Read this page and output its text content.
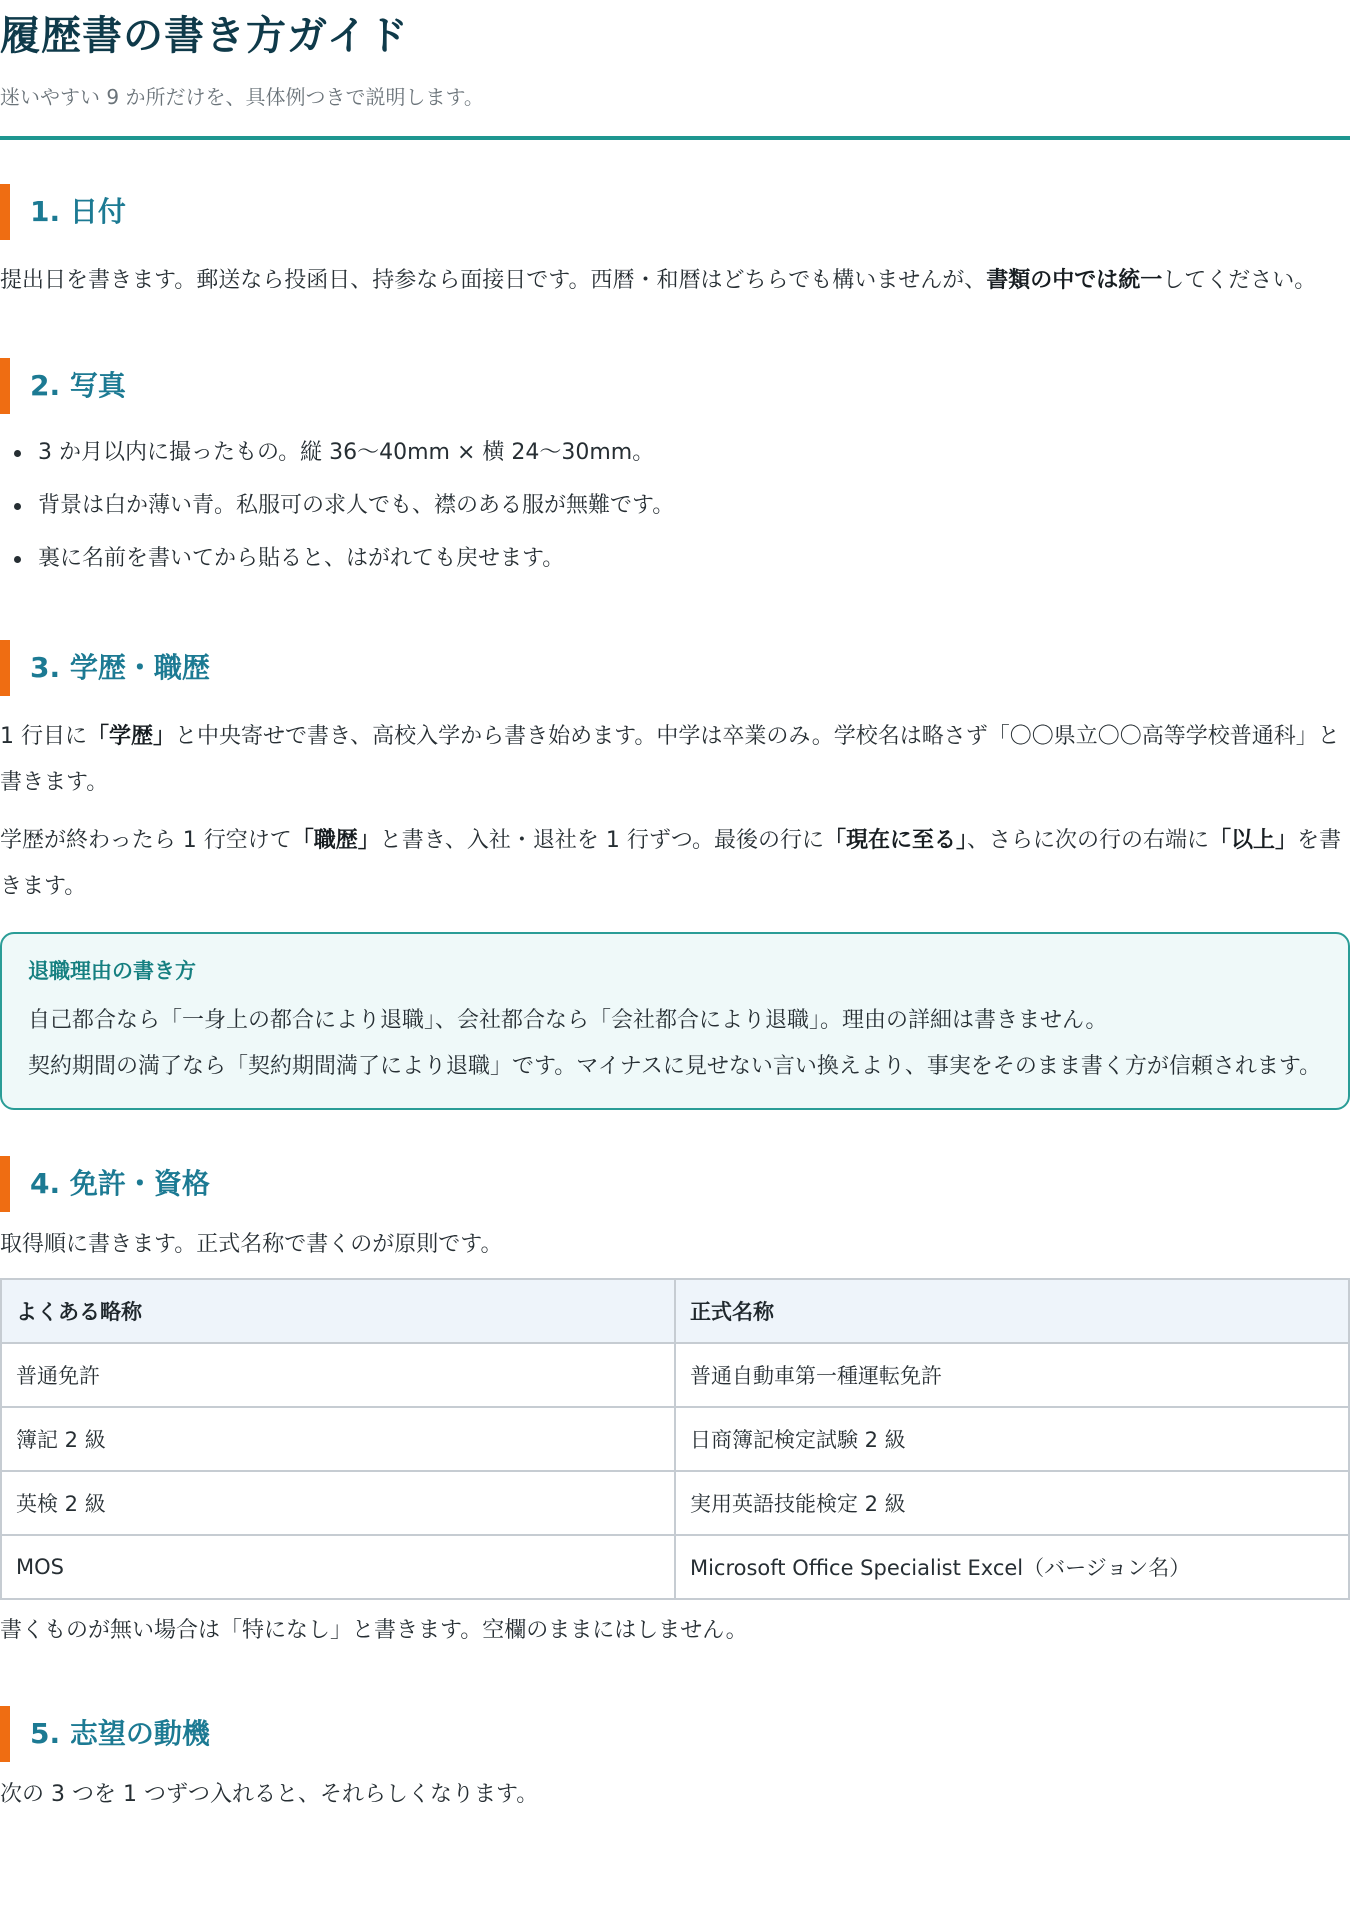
履歴書の書き方ガイド

迷いやすい 9 か所だけを、具体例つきで説明します。

1. 日付

提出日を書きます。郵送なら投函日、持参なら面接日です。西暦・和暦はどちらでも構いませんが、書類の中では統一してください。

2. 写真
3 か月以内に撮ったもの。縦 36〜40mm × 横 24〜30mm。
背景は白か薄い青。私服可の求人でも、襟のある服が無難です。
裏に名前を書いてから貼ると、はがれても戻せます。
3. 学歴・職歴

1 行目に「学歴」と中央寄せで書き、高校入学から書き始めます。中学は卒業のみ。学校名は略さず「〇〇県立〇〇高等学校普通科」と書きます。

学歴が終わったら 1 行空けて「職歴」と書き、入社・退社を 1 行ずつ。最後の行に「現在に至る」、さらに次の行の右端に「以上」を書きます。

退職理由の書き方

自己都合なら「一身上の都合により退職」、会社都合なら「会社都合により退職」。理由の詳細は書きません。

契約期間の満了なら「契約期間満了により退職」です。マイナスに見せない言い換えより、事実をそのまま書く方が信頼されます。

4. 免許・資格

取得順に書きます。正式名称で書くのが原則です。

よくある略称	正式名称
普通免許	普通自動車第一種運転免許
簿記 2 級	日商簿記検定試験 2 級
英検 2 級	実用英語技能検定 2 級
MOS	Microsoft Office Specialist Excel（バージョン名）

書くものが無い場合は「特になし」と書きます。空欄のままにはしません。

5. 志望の動機

次の 3 つを 1 つずつ入れると、それらしくなります。
